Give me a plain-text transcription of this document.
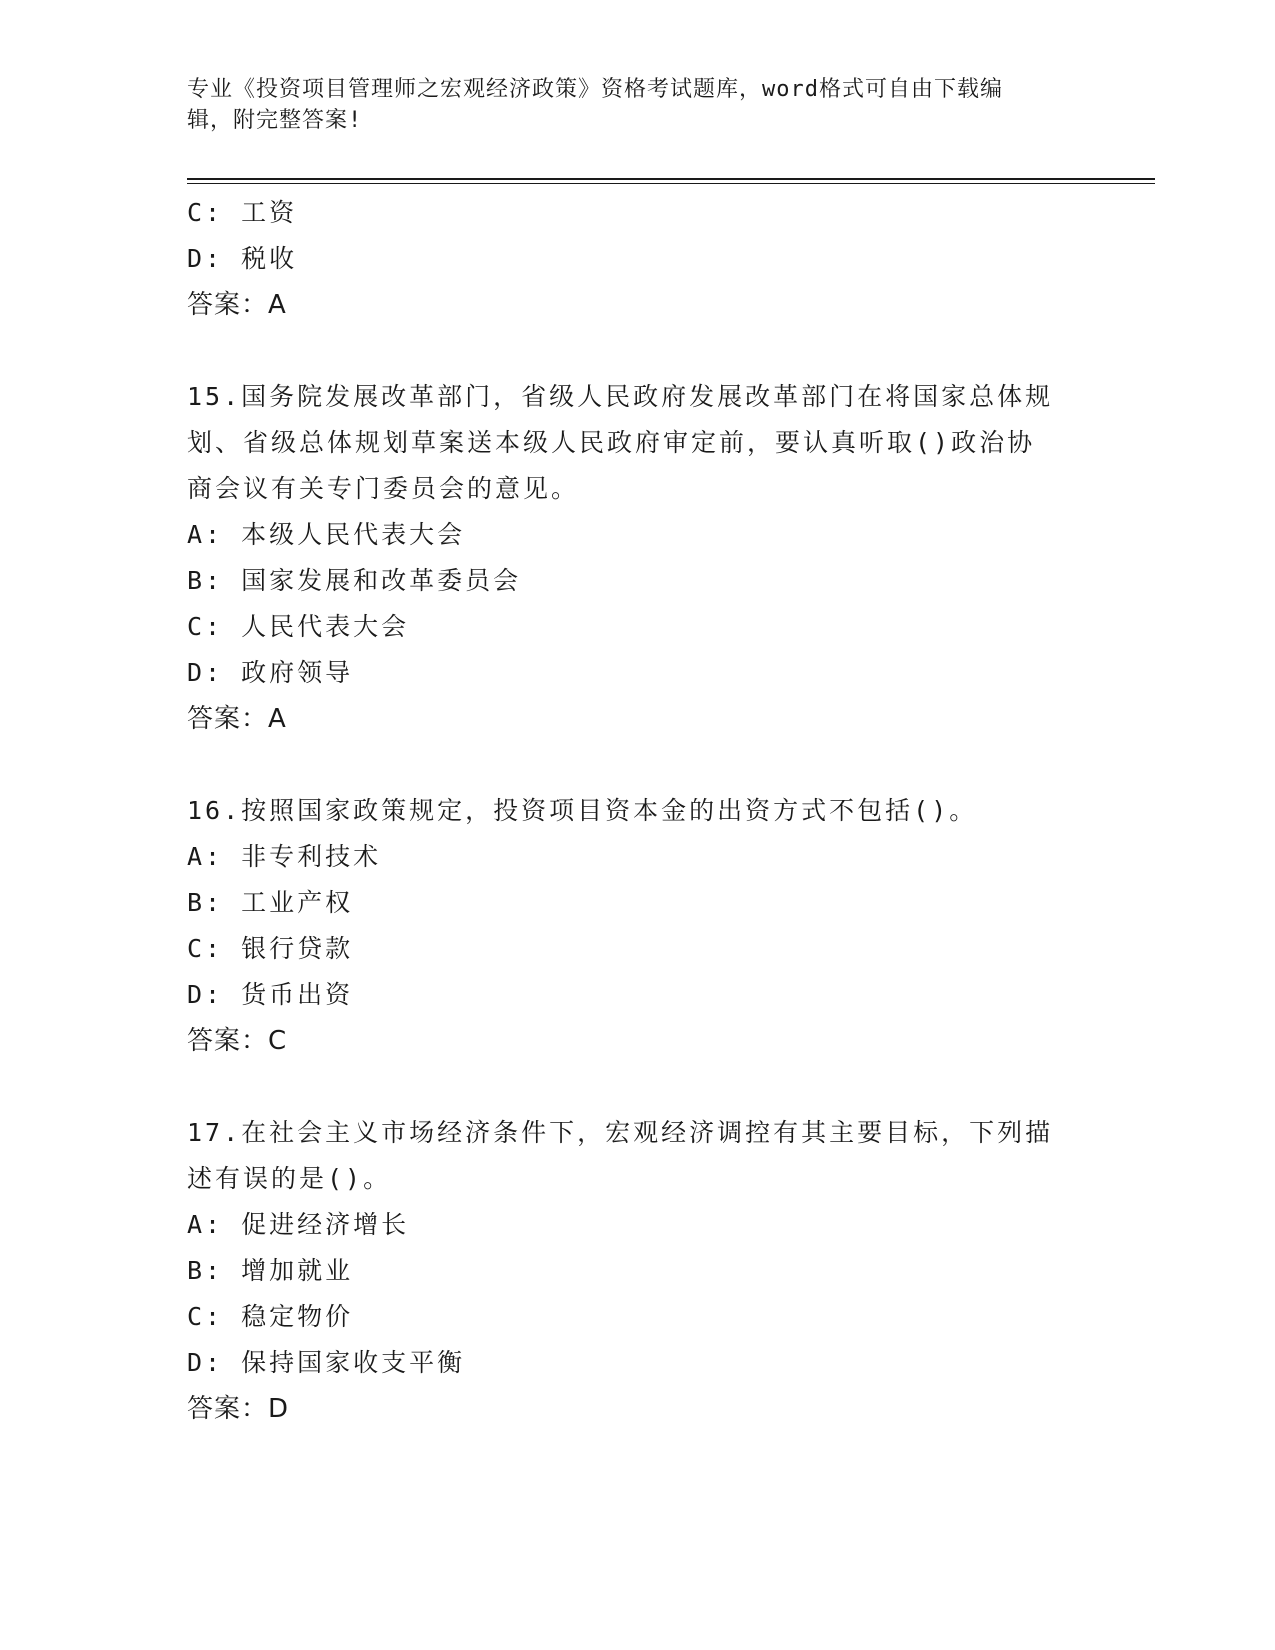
专业《投资项目管理师之宏观经济政策》资格考试题库，word格式可自由下载编
辑，附完整答案!
C: 工资
D: 税收
答案：A
15.国务院发展改革部门，省级人民政府发展改革部门在将国家总体规
划、省级总体规划草案送本级人民政府审定前，要认真听取()政治协
商会议有关专门委员会的意见。
A: 本级人民代表大会
B: 国家发展和改革委员会
C: 人民代表大会
D: 政府领导
答案：A
16.按照国家政策规定，投资项目资本金的出资方式不包括()。
A: 非专利技术
B: 工业产权
C: 银行贷款
D: 货币出资
答案：C
17.在社会主义市场经济条件下，宏观经济调控有其主要目标，下列描
述有误的是()。
A: 促进经济增长
B: 增加就业
C: 稳定物价
D: 保持国家收支平衡
答案：D
